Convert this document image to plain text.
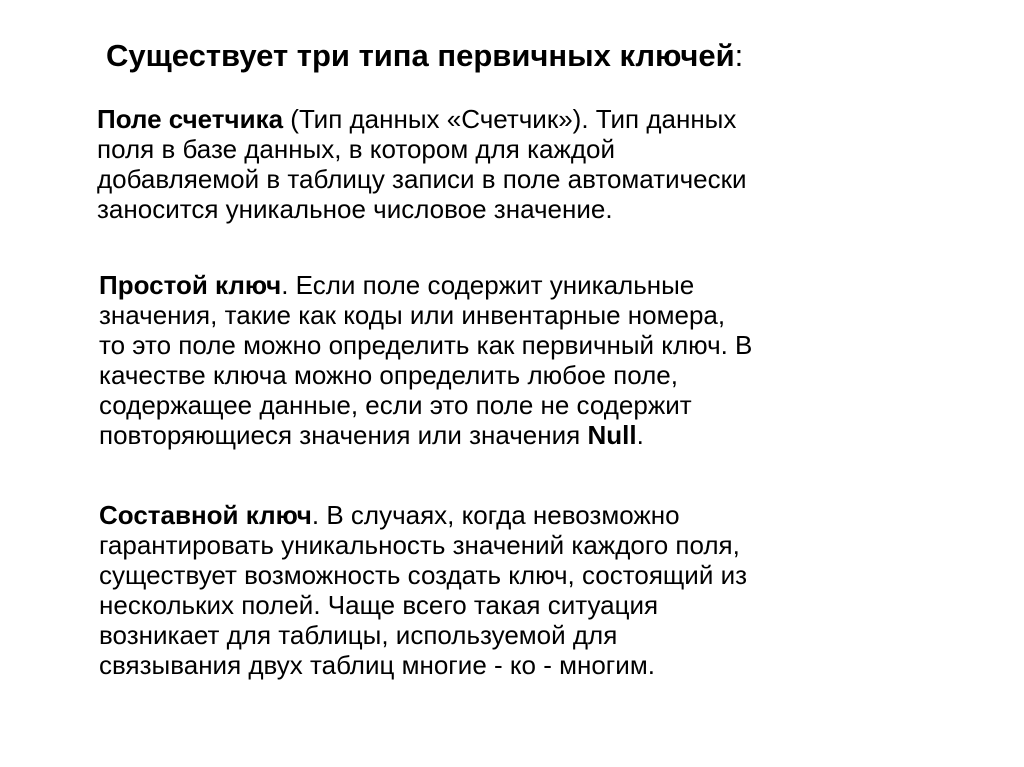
Существует три типа первичных ключей:
Поле счетчика (Тип данных «Счетчик»). Тип данных
поля в базе данных, в котором для каждой
добавляемой в таблицу записи в поле автоматически
заносится уникальное числовое значение.
Простой ключ. Если поле содержит уникальные
значения, такие как коды или инвентарные номера,
то это поле можно определить как первичный ключ. В
качестве ключа можно определить любое поле,
содержащее данные, если это поле не содержит
повторяющиеся значения или значения Null.
Составной ключ. В случаях, когда невозможно
гарантировать уникальность значений каждого поля,
существует возможность создать ключ, состоящий из
нескольких полей. Чаще всего такая ситуация
возникает для таблицы, используемой для
связывания двух таблиц многие - ко - многим.
